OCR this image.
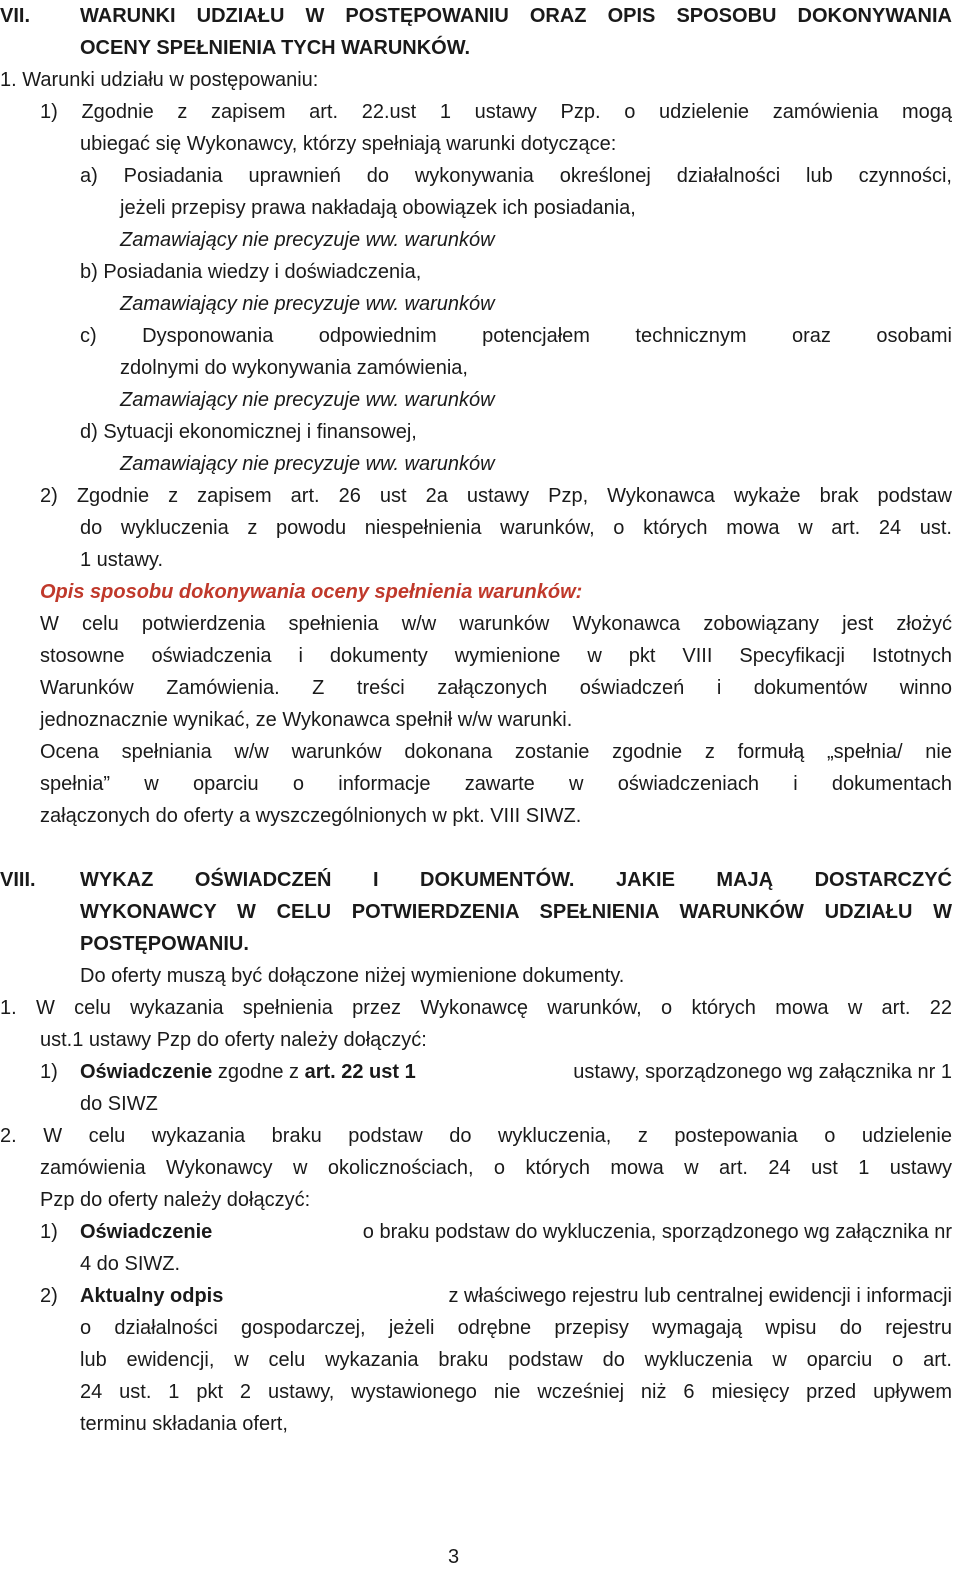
VII. WARUNKI UDZIAŁU W POSTĘPOWANIU ORAZ OPIS SPOSOBU DOKONYWANIA
OCENY SPEŁNIENIA TYCH WARUNKÓW.
1. Warunki udziału w postępowaniu:
1) Zgodnie z zapisem art. 22.ust 1 ustawy Pzp. o udzielenie zamówienia mogą
ubiegać się Wykonawcy, którzy spełniają warunki dotyczące:
a) Posiadania uprawnień do wykonywania określonej działalności lub czynności,
jeżeli przepisy prawa nakładają obowiązek ich posiadania,
Zamawiający nie precyzuje ww. warunków
b) Posiadania wiedzy i doświadczenia,
Zamawiający nie precyzuje ww. warunków
c) Dysponowania odpowiednim potencjałem technicznym oraz osobami
zdolnymi do wykonywania zamówienia,
Zamawiający nie precyzuje ww. warunków
d) Sytuacji ekonomicznej i finansowej,
Zamawiający nie precyzuje ww. warunków
2) Zgodnie z zapisem art. 26 ust 2a ustawy Pzp, Wykonawca wykaże brak podstaw
do wykluczenia z powodu niespełnienia warunków, o których mowa w art. 24 ust.
1 ustawy.
Opis sposobu dokonywania oceny spełnienia warunków:
W celu potwierdzenia spełnienia w/w warunków Wykonawca zobowiązany jest złożyć
stosowne oświadczenia i dokumenty wymienione w pkt VIII Specyfikacji Istotnych
Warunków Zamówienia. Z treści załączonych oświadczeń i dokumentów winno
jednoznacznie wynikać, ze Wykonawca spełnił w/w warunki.
Ocena spełniania w/w warunków dokonana zostanie zgodnie z formułą „spełnia/ nie
spełnia” w oparciu o informacje zawarte w oświadczeniach i dokumentach
załączonych do oferty a wyszczególnionych w pkt. VIII SIWZ.
VIII. WYKAZ OŚWIADCZEŃ I DOKUMENTÓW. JAKIE MAJĄ DOSTARCZYĆ
WYKONAWCY W CELU POTWIERDZENIA SPEŁNIENIA WARUNKÓW UDZIAŁU W
POSTĘPOWANIU.
Do oferty muszą być dołączone niżej wymienione dokumenty.
1. W celu wykazania spełnienia przez Wykonawcę warunków, o których mowa w art. 22
ust.1 ustawy Pzp do oferty należy dołączyć:
1) Oświadczenie zgodne z art. 22 ust 1	ustawy, sporządzonego wg załącznika nr 1
do SIWZ
2. W celu wykazania braku podstaw do wykluczenia, z postepowania o udzielenie
zamówienia Wykonawcy w okolicznościach, o których mowa w art. 24 ust 1 ustawy
Pzp do oferty należy dołączyć:
1) Oświadczenie	o braku podstaw do wykluczenia, sporządzonego wg załącznika nr
4 do SIWZ.
2) Aktualny odpis	z właściwego rejestru lub centralnej ewidencji i informacji
o działalności gospodarczej, jeżeli odrębne przepisy wymagają wpisu do rejestru
lub ewidencji, w celu wykazania braku podstaw do wykluczenia w oparciu o art.
24 ust. 1 pkt 2 ustawy, wystawionego nie wcześniej niż 6 miesięcy przed upływem
terminu składania ofert,
3
